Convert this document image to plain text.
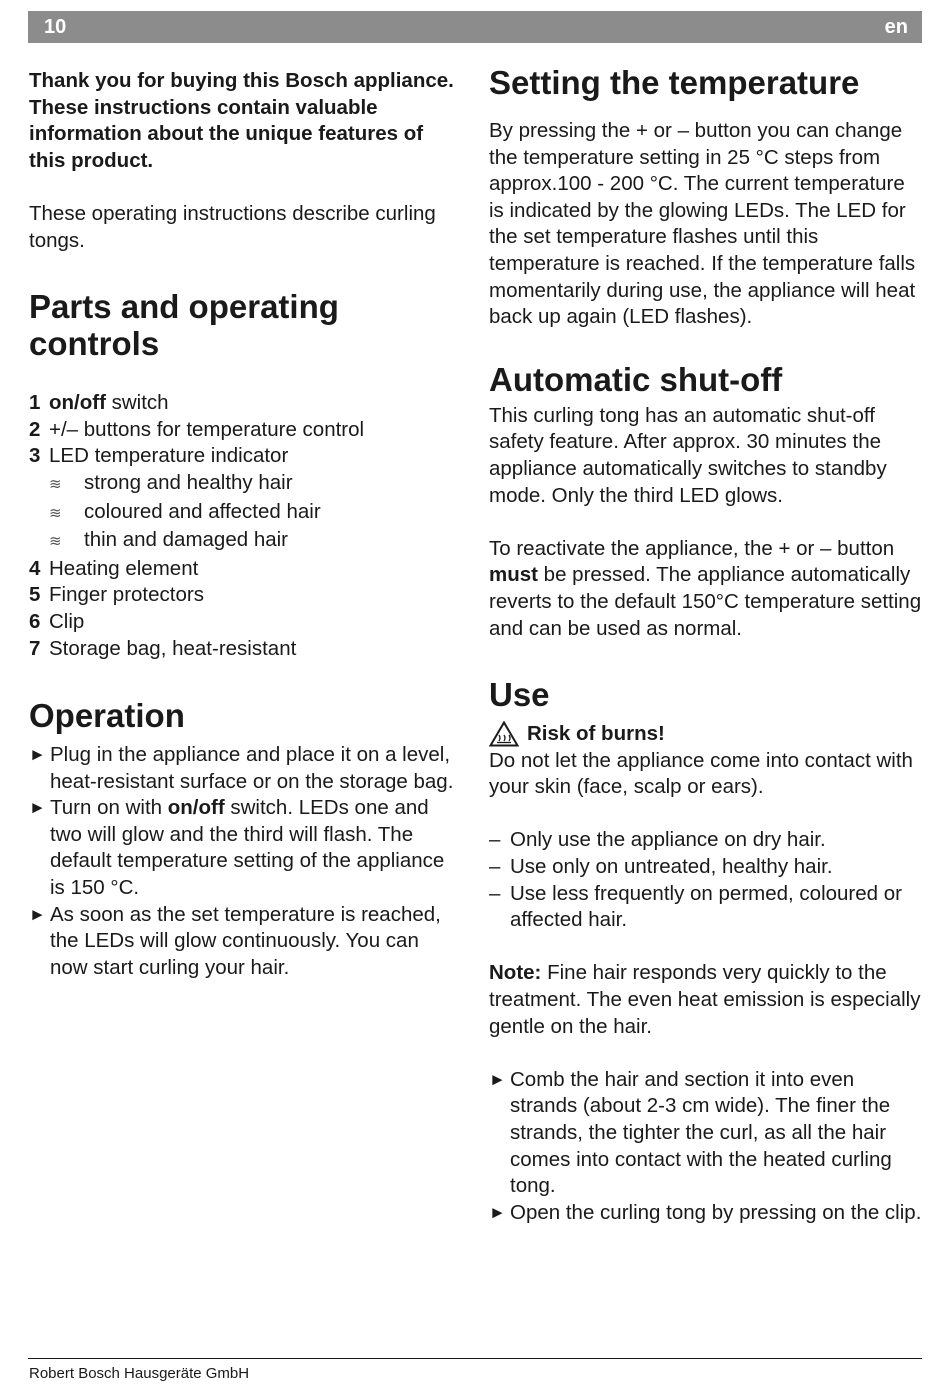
10	en

Thank you for buying this Bosch appliance. These instructions contain valuable information about the unique features of this product.

These operating instructions describe curling tongs.

Parts and operating controls
1 on/off switch
2 +/– buttons for temperature control
3 LED temperature indicator
≋ strong and healthy hair
≋ coloured and affected hair
≋ thin and damaged hair
4 Heating element
5 Finger protectors
6 Clip
7 Storage bag, heat-resistant
Operation
► Plug in the appliance and place it on a level, heat-resistant surface or on the storage bag.
► Turn on with on/off switch. LEDs one and two will glow and the third will flash. The default temperature setting of the appliance is 150 °C.
► As soon as the set temperature is reached, the LEDs will glow continuously. You can now start curling your hair.
Setting the temperature

By pressing the + or – button you can change the temperature setting in 25 °C steps from approx.100 - 200 °C. The current temperature is indicated by the glowing LEDs. The LED for the set temperature flashes until this temperature is reached. If the temperature falls momentarily during use, the appliance will heat back up again (LED flashes).

Automatic shut-off

This curling tong has an automatic shut-off safety feature. After approx. 30 minutes the appliance automatically switches to standby mode. Only the third LED glows.

To reactivate the appliance, the + or – button must be pressed. The appliance automatically reverts to the default 150°C temperature setting and can be used as normal.

Use
Risk of burns!

Do not let the appliance come into contact with your skin (face, scalp or ears).

– Only use the appliance on dry hair.
– Use only on untreated, healthy hair.
– Use less frequently on permed, coloured or affected hair.

Note: Fine hair responds very quickly to the treatment. The even heat emission is especially gentle on the hair.

► Comb the hair and section it into even strands (about 2-3 cm wide). The finer the strands, the tighter the curl, as all the hair comes into contact with the heated curling tong.
► Open the curling tong by pressing on the clip.
Robert Bosch Hausgeräte GmbH
